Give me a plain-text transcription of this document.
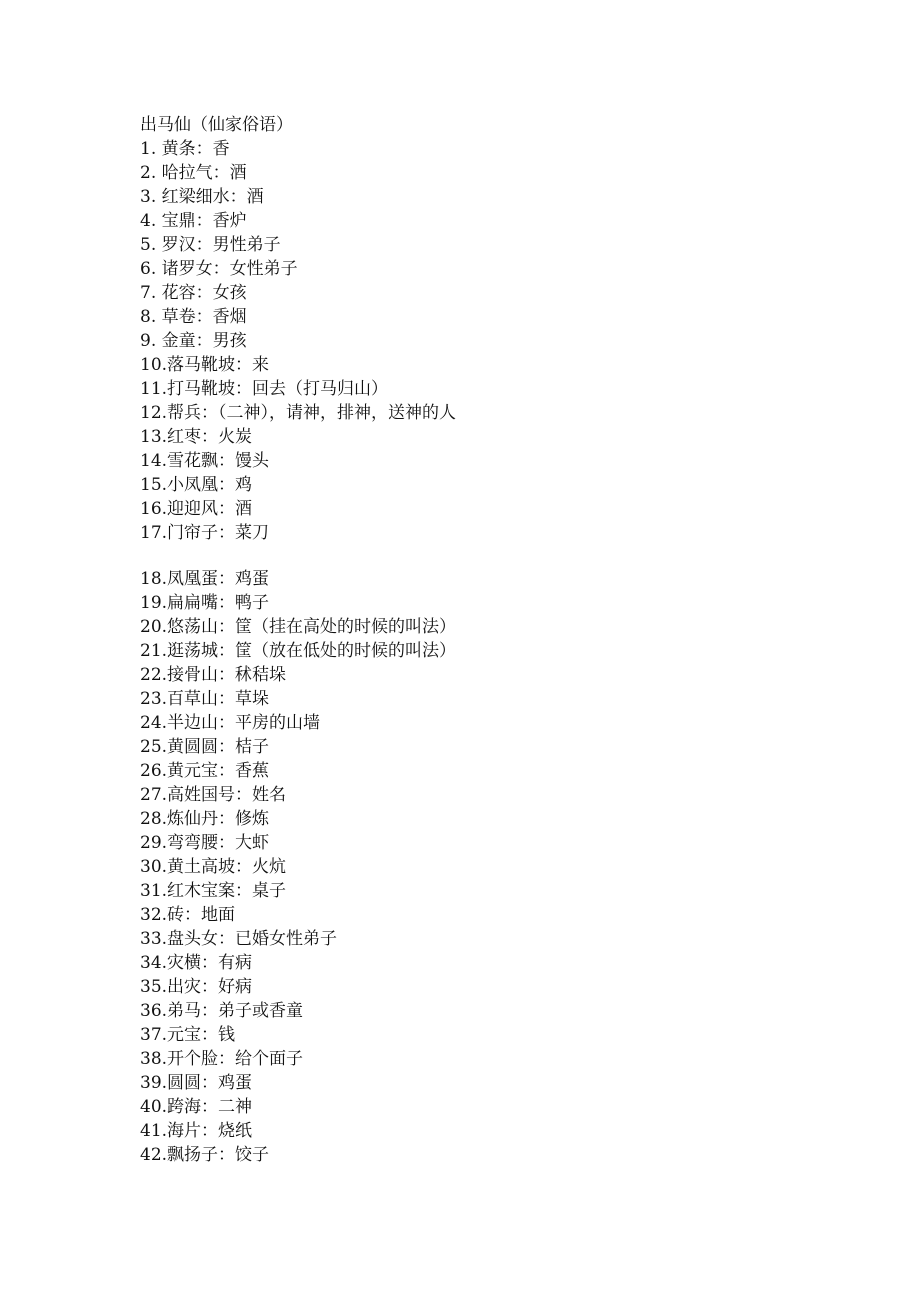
出马仙（仙家俗语）
1. 黄条：香
2. 哈拉气：酒
3. 红梁细水：酒
4. 宝鼎：香炉
5. 罗汉：男性弟子
6. 诸罗女：女性弟子
7. 花容：女孩
8. 草卷：香烟
9. 金童：男孩
10.落马靴坡：来
11.打马靴坡：回去（打马归山）
12.帮兵：（二神），请神，排神，送神的人
13.红枣：火炭
14.雪花飘：馒头
15.小凤凰：鸡
16.迎迎风：酒
17.门帘子：菜刀
18.凤凰蛋：鸡蛋
19.扁扁嘴：鸭子
20.悠荡山：筐（挂在高处的时候的叫法）
21.逛荡城：筐（放在低处的时候的叫法）
22.接骨山：秫秸垛
23.百草山：草垛
24.半边山：平房的山墙
25.黄圆圆：桔子
26.黄元宝：香蕉
27.高姓国号：姓名
28.炼仙丹：修炼
29.弯弯腰：大虾
30.黄土高坡：火炕
31.红木宝案：桌子
32.砖：地面
33.盘头女：已婚女性弟子
34.灾横：有病
35.出灾：好病
36.弟马：弟子或香童
37.元宝：钱
38.开个脸：给个面子
39.圆圆：鸡蛋
40.跨海：二神
41.海片：烧纸
42.飘扬子：饺子
